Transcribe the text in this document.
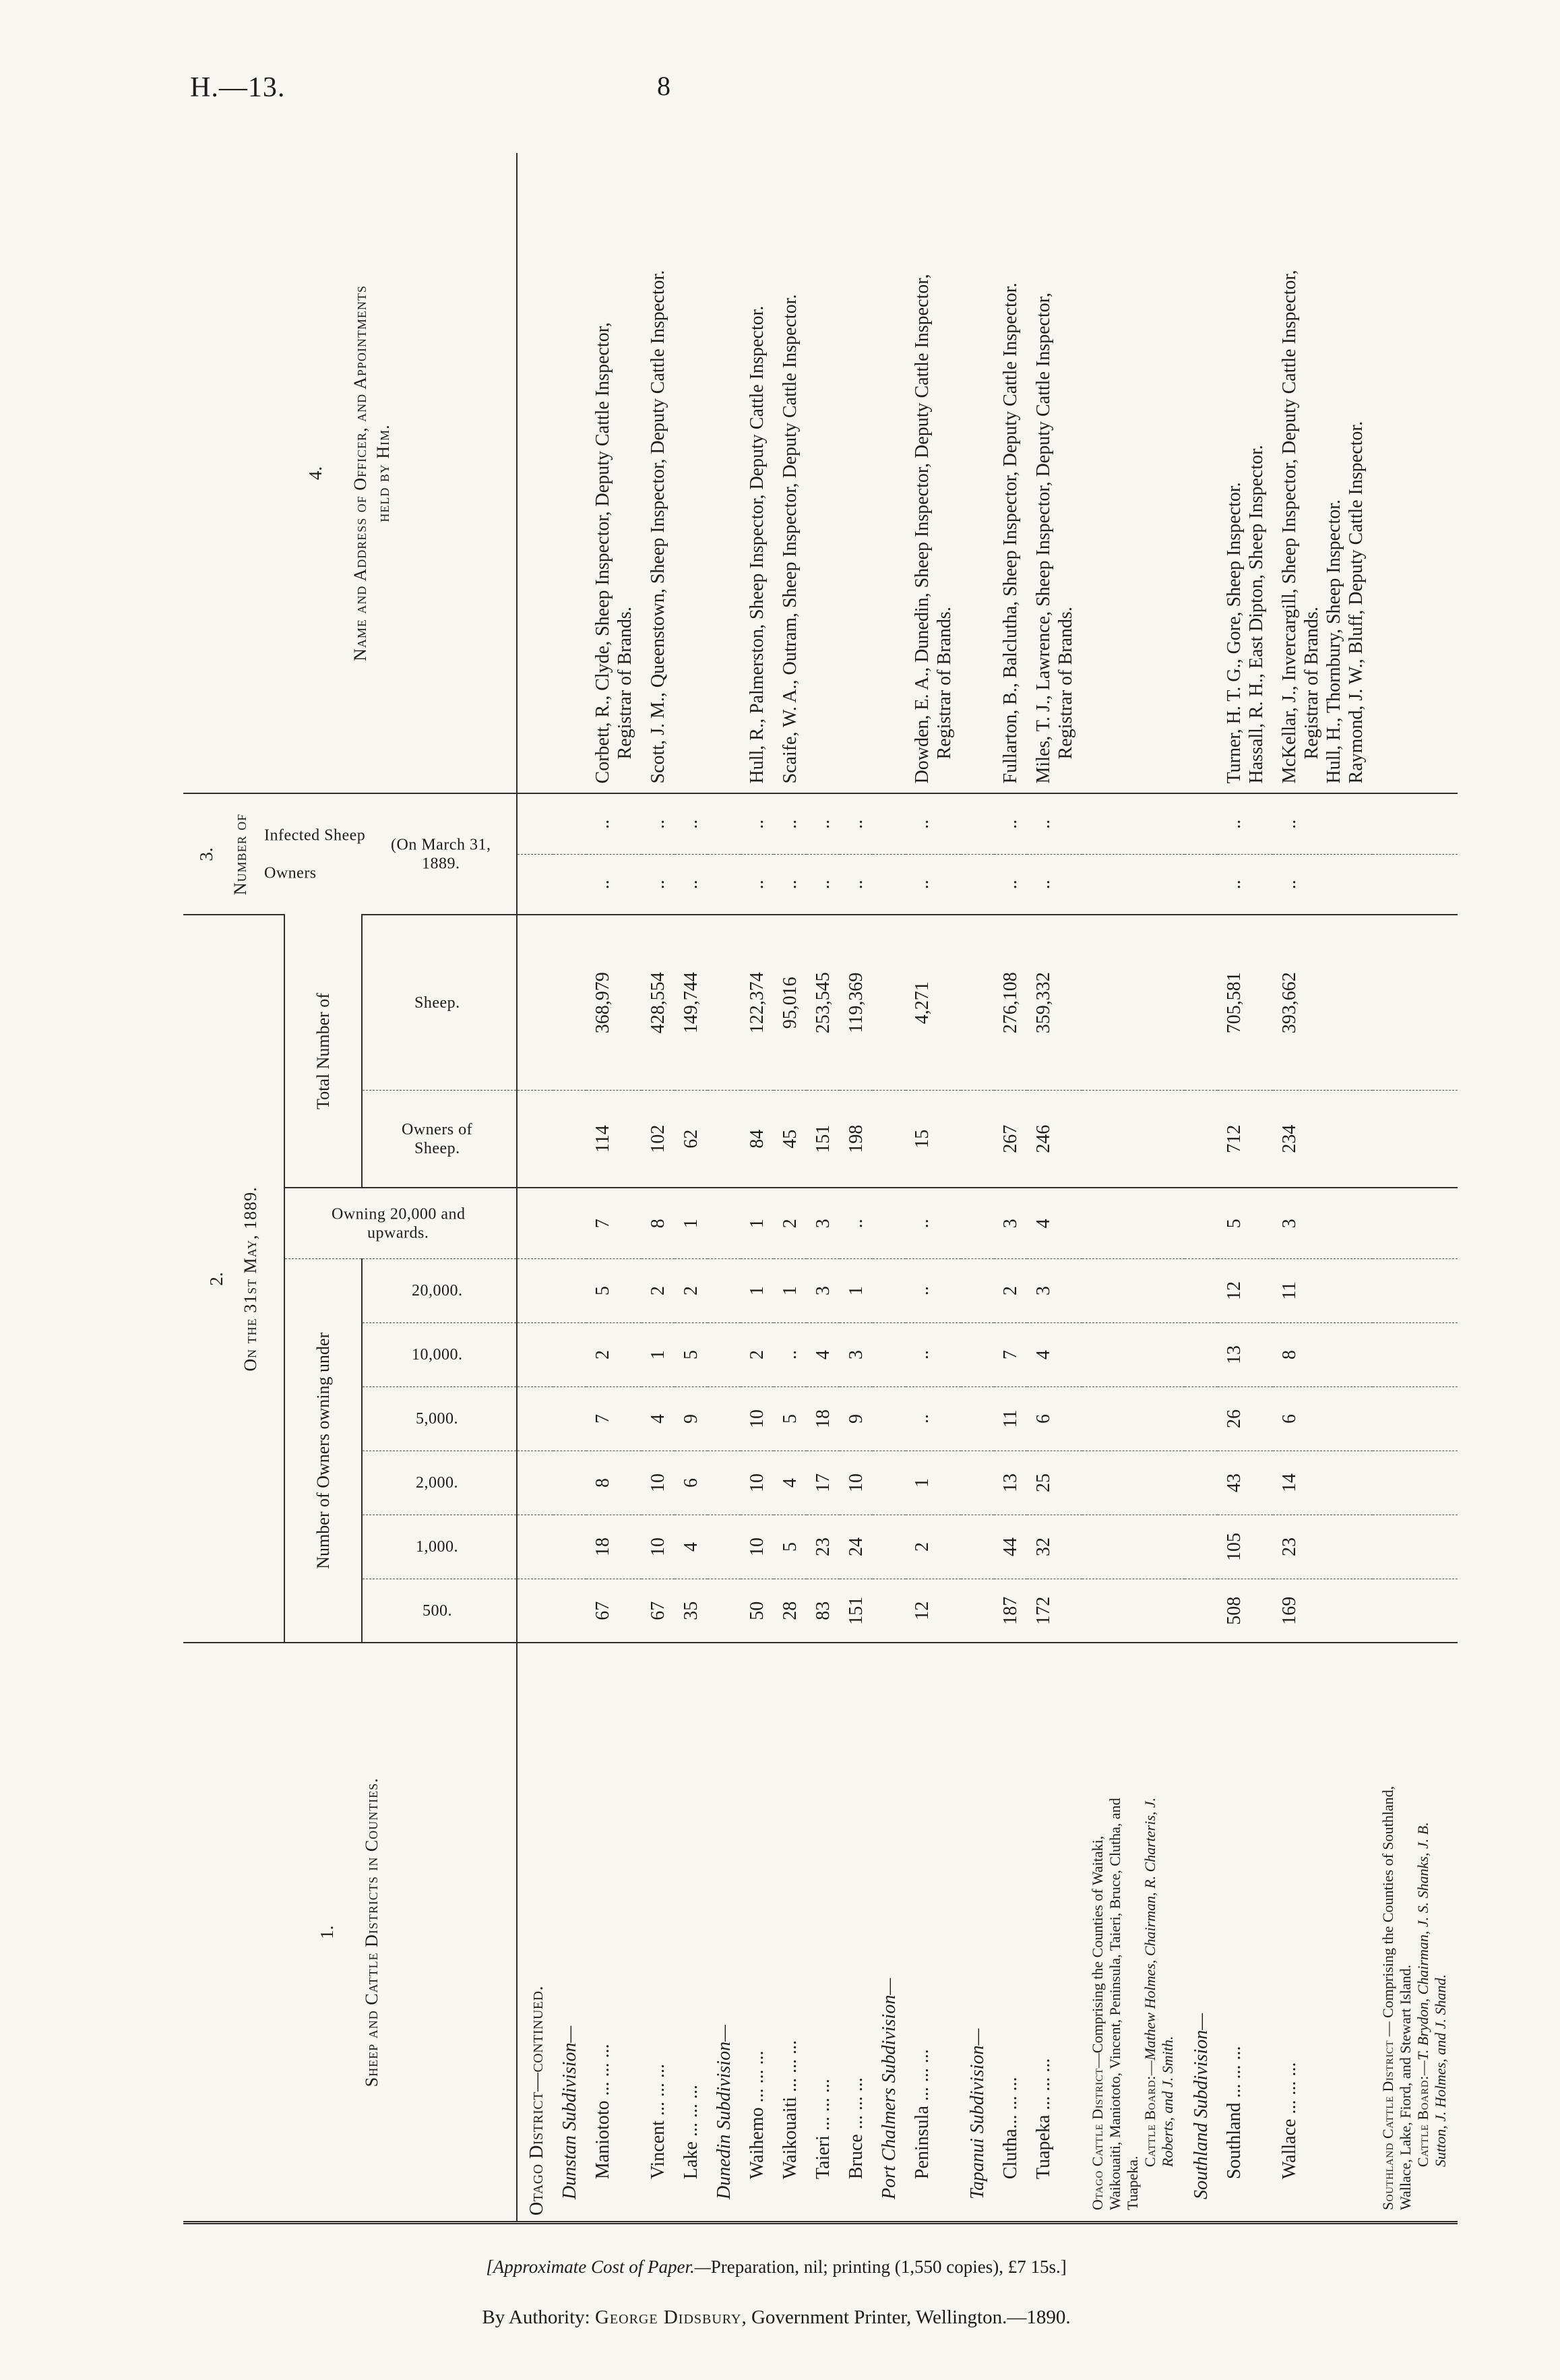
H.—13.	8
1. Sheep and Cattle Districts in Counties.

2. On the 31st May, 1889.

3. Number of Owners
Infected Sheep
(On March 31, 1889.

4. Name and Address of Officer, and Appointments held by Him.

	Number of Owners owning under						Owning 20,000 and upwards.	Total Number of				
	500.	1,000.	2,000.	5,000.	10,000.	20,000.		Owners of Sheep.	Sheep.			
Otago District—continued.												
Dunstan Subdivision—												
Maniototo ... ... ...	67	18	8	7	2	5	7	114	368,979	..	..	Corbett, R., Clyde, Sheep Inspector, Deputy Cattle Inspector, Registrar of Brands.

Vincent ... ... ...	67	10	10	4	1	2	8	102	428,554	..	..	Scott, J. M., Queenstown, Sheep Inspector, Deputy Cattle Inspector.

Lake ... ... ...	35	4	6	9	5	2	1	62	149,744	..	..	
Dunedin Subdivision—												
Waihemo ... ... ...	50	10	10	10	2	1	1	84	122,374	..	..	Hull, R., Palmerston, Sheep Inspector, Deputy Cattle Inspector.

Waikouaiti ... ... ...	28	5	4	5	..	1	2	45	95,016	..	..	Scaife, W. A., Outram, Sheep Inspector, Deputy Cattle Inspector.

Taieri ... ... ...	83	23	17	18	4	3	3	151	253,545	..	..	
Bruce ... ... ...	151	24	10	9	3	1	..	198	119,369	..	..	
Port Chalmers Subdivision—												
Peninsula ... ... ...	12	2	1	..	..	..	..	15	4,271	..	..	Dowden, E. A., Dunedin, Sheep Inspector, Deputy Cattle Inspector, Registrar of Brands.

Tapanui Subdivision—												
Clutha... ... ...	187	44	13	11	7	2	3	267	276,108	..	..	Fullarton, B., Balclutha, Sheep Inspector, Deputy Cattle Inspector.

Tuapeka ... ... ...	172	32	25	6	4	3	4	246	359,332	..	..	Miles, T. J., Lawrence, Sheep Inspector, Deputy Cattle Inspector, Registrar of Brands.

Otago Cattle District—Comprising the Counties of Waitaki, Waikouaiti, Maniototo, Vincent, Peninsula, Taieri, Bruce, Clutha, and Tuapeka.
Cattle Board:—Mathew Holmes, Chairman, R. Charteris, J. Roberts, and J. Smith.												

Southland Subdivision—												
Southland ... ... ...	508	105	43	26	13	12	5	712	705,581	..	..	Turner, H. T. G., Gore, Sheep Inspector. Hassall, R. H., East Dipton, Sheep Inspector.

Wallace ... ... ...	169	23	14	6	8	11	3	234	393,662	..	..	McKellar, J., Invercargill, Sheep Inspector, Deputy Cattle Inspector, Registrar of Brands. Hull, H., Thornbury, Sheep Inspector. Raymond, J. W., Bluff, Deputy Cattle Inspector.

Southland Cattle District — Comprising the Counties of Southland, Wallace, Lake, Fiord, and Stewart Island. Cattle Board:—T. Brydon, Chairman, J. S. Shanks, J. B. Sutton, J. Holmes, and J. Shand.												

[Approximate Cost of Paper.—Preparation, nil; printing (1,550 copies), £7 15s.]
By Authority: George Didsbury, Government Printer, Wellington.—1890.
